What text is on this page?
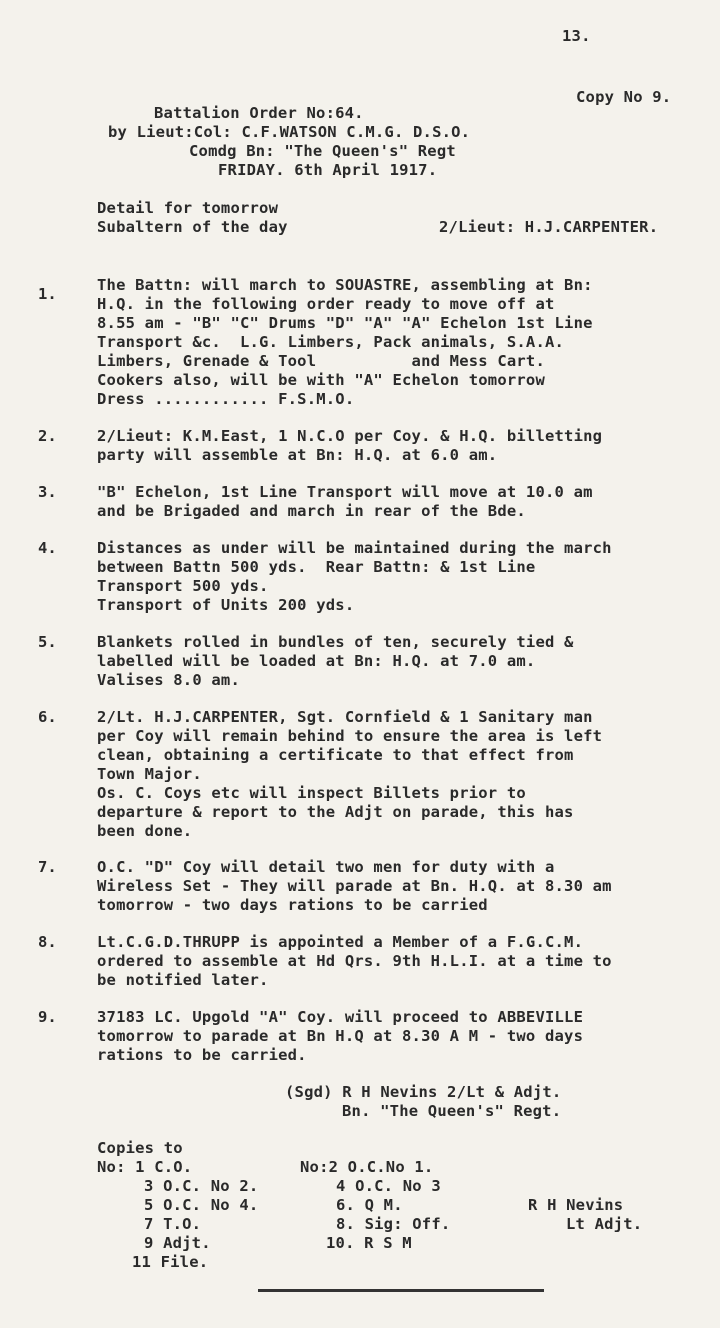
13.
Copy No 9.
Battalion Order No:64.
by Lieut:Col: C.F.WATSON C.M.G. D.S.O.
Comdg Bn: "The Queen's" Regt
FRIDAY. 6th April 1917.
Detail for tomorrow
Subaltern of the day	2/Lieut: H.J.CARPENTER.
1.	The Battn: will march to SOUASTRE, assembling at Bn:
H.Q. in the following order ready to move off at
8.55 am - "B" "C" Drums "D" "A" "A" Echelon 1st Line
Transport &c.  L.G. Limbers, Pack animals, S.A.A.
Limbers, Grenade & Tool          and Mess Cart.
Cookers also, will be with "A" Echelon tomorrow
Dress ............ F.S.M.O.
2.	2/Lieut: K.M.East, 1 N.C.O per Coy. & H.Q. billetting
party will assemble at Bn: H.Q. at 6.0 am.
3.	"B" Echelon, 1st Line Transport will move at 10.0 am
and be Brigaded and march in rear of the Bde.
4.	Distances as under will be maintained during the march
between Battn 500 yds.  Rear Battn: & 1st Line
Transport 500 yds.
Transport of Units 200 yds.
5.	Blankets rolled in bundles of ten, securely tied &
labelled will be loaded at Bn: H.Q. at 7.0 am.
Valises 8.0 am.
6.	2/Lt. H.J.CARPENTER, Sgt. Cornfield & 1 Sanitary man
per Coy will remain behind to ensure the area is left
clean, obtaining a certificate to that effect from
Town Major.
Os. C. Coys etc will inspect Billets prior to
departure & report to the Adjt on parade, this has
been done.
7.	O.C. "D" Coy will detail two men for duty with a
Wireless Set - They will parade at Bn. H.Q. at 8.30 am
tomorrow - two days rations to be carried
8.	Lt.C.G.D.THRUPP is appointed a Member of a F.G.C.M.
ordered to assemble at Hd Qrs. 9th H.L.I. at a time to
be notified later.
9.	37183 LC. Upgold "A" Coy. will proceed to ABBEVILLE
tomorrow to parade at Bn H.Q at 8.30 A M - two days
rations to be carried.
(Sgd) R H Nevins 2/Lt & Adjt.
Bn. "The Queen's" Regt.
Copies to
No: 1 C.O.
3 O.C. No 2.
5 O.C. No 4.
7 T.O.
9 Adjt.
11 File.
No:2 O.C.No 1.
4 O.C. No 3
6. Q M.
8. Sig: Off.
10. R S M
R H Nevins
Lt Adjt.
